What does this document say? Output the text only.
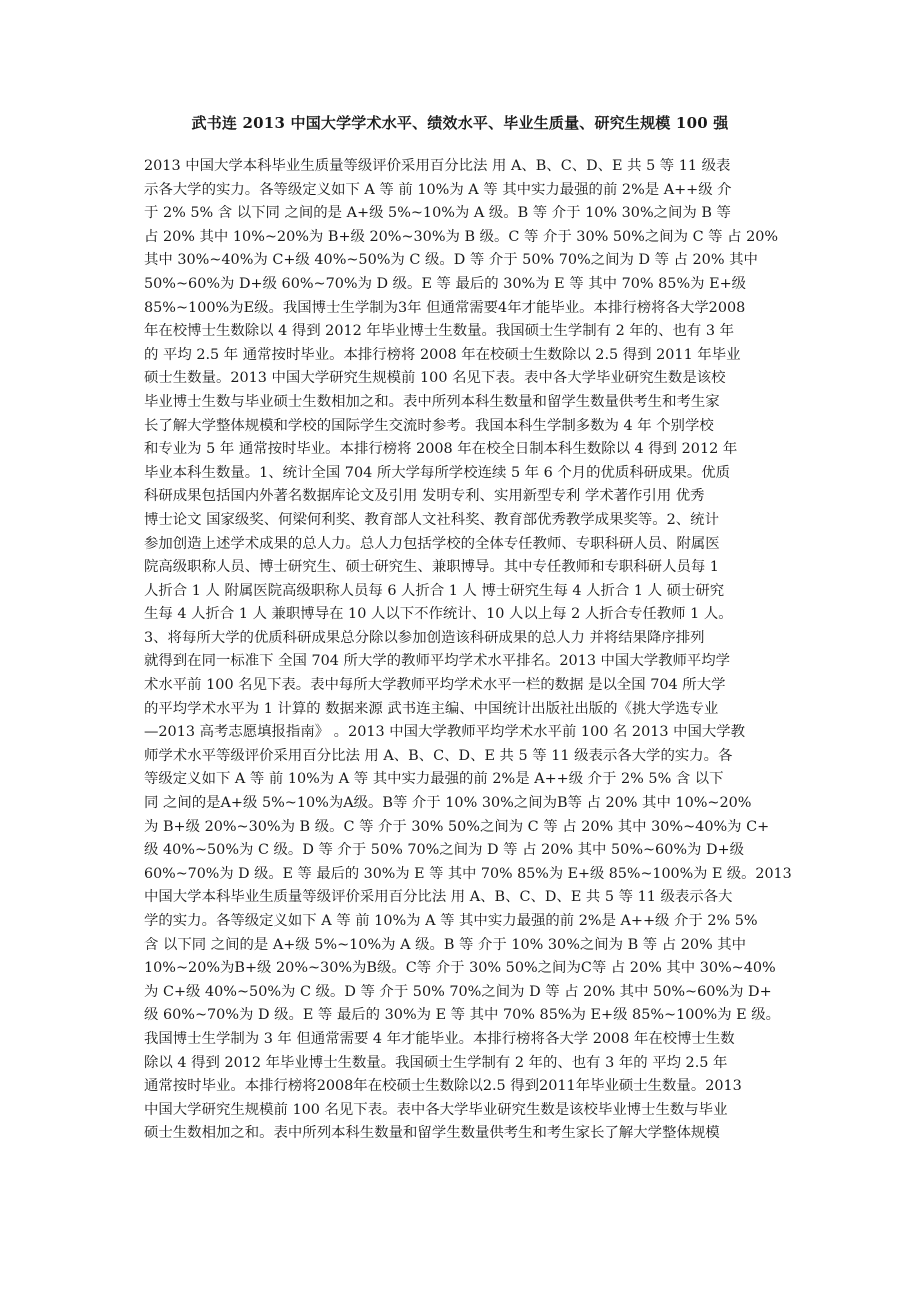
武书连 2013 中国大学学术水平、绩效水平、毕业生质量、研究生规模 100 强
2013 中国大学本科毕业生质量等级评价采用百分比法 用 A、B、C、D、E 共 5 等 11 级表
示各大学的实力。各等级定义如下 A 等 前 10%为 A 等 其中实力最强的前 2%是 A++级 介
于 2% 5% 含 以下同 之间的是 A+级 5%~10%为 A 级。B 等 介于 10% 30%之间为 B 等
占 20% 其中 10%~20%为 B+级 20%~30%为 B 级。C 等 介于 30% 50%之间为 C 等 占 20%
其中 30%~40%为 C+级 40%~50%为 C 级。D 等 介于 50% 70%之间为 D 等 占 20% 其中
50%~60%为 D+级 60%~70%为 D 级。E 等 最后的 30%为 E 等 其中 70% 85%为 E+级
85%~100%为E级。我国博士生学制为3年 但通常需要4年才能毕业。本排行榜将各大学2008
年在校博士生数除以 4 得到 2012 年毕业博士生数量。我国硕士生学制有 2 年的、也有 3 年
的 平均 2.5 年 通常按时毕业。本排行榜将 2008 年在校硕士生数除以 2.5 得到 2011 年毕业
硕士生数量。2013 中国大学研究生规模前 100 名见下表。表中各大学毕业研究生数是该校
毕业博士生数与毕业硕士生数相加之和。表中所列本科生数量和留学生数量供考生和考生家
长了解大学整体规模和学校的国际学生交流时参考。我国本科生学制多数为 4 年 个别学校
和专业为 5 年 通常按时毕业。本排行榜将 2008 年在校全日制本科生数除以 4 得到 2012 年
毕业本科生数量。1、统计全国 704 所大学每所学校连续 5 年 6 个月的优质科研成果。优质
科研成果包括国内外著名数据库论文及引用 发明专利、实用新型专利 学术著作引用 优秀
博士论文 国家级奖、何梁何利奖、教育部人文社科奖、教育部优秀教学成果奖等。2、统计
参加创造上述学术成果的总人力。总人力包括学校的全体专任教师、专职科研人员、附属医
院高级职称人员、博士研究生、硕士研究生、兼职博导。其中专任教师和专职科研人员每 1
人折合 1 人 附属医院高级职称人员每 6 人折合 1 人 博士研究生每 4 人折合 1 人 硕士研究
生每 4 人折合 1 人 兼职博导在 10 人以下不作统计、10 人以上每 2 人折合专任教师 1 人。
3、将每所大学的优质科研成果总分除以参加创造该科研成果的总人力 并将结果降序排列
就得到在同一标准下 全国 704 所大学的教师平均学术水平排名。2013 中国大学教师平均学
术水平前 100 名见下表。表中每所大学教师平均学术水平一栏的数据 是以全国 704 所大学
的平均学术水平为 1 计算的 数据来源 武书连主编、中国统计出版社出版的《挑大学选专业
—2013 高考志愿填报指南》 。2013 中国大学教师平均学术水平前 100 名 2013 中国大学教
师学术水平等级评价采用百分比法 用 A、B、C、D、E 共 5 等 11 级表示各大学的实力。各
等级定义如下 A 等 前 10%为 A 等 其中实力最强的前 2%是 A++级 介于 2% 5% 含 以下
同 之间的是A+级 5%~10%为A级。B等 介于 10% 30%之间为B等 占 20% 其中 10%~20%
为 B+级 20%~30%为 B 级。C 等 介于 30% 50%之间为 C 等 占 20% 其中 30%~40%为 C+
级 40%~50%为 C 级。D 等 介于 50% 70%之间为 D 等 占 20% 其中 50%~60%为 D+级
60%~70%为 D 级。E 等 最后的 30%为 E 等 其中 70% 85%为 E+级 85%~100%为 E 级。2013
中国大学本科毕业生质量等级评价采用百分比法 用 A、B、C、D、E 共 5 等 11 级表示各大
学的实力。各等级定义如下 A 等 前 10%为 A 等 其中实力最强的前 2%是 A++级 介于 2% 5%
含 以下同 之间的是 A+级 5%~10%为 A 级。B 等 介于 10% 30%之间为 B 等 占 20% 其中
10%~20%为B+级 20%~30%为B级。C等 介于 30% 50%之间为C等 占 20% 其中 30%~40%
为 C+级 40%~50%为 C 级。D 等 介于 50% 70%之间为 D 等 占 20% 其中 50%~60%为 D+
级 60%~70%为 D 级。E 等 最后的 30%为 E 等 其中 70% 85%为 E+级 85%~100%为 E 级。
我国博士生学制为 3 年 但通常需要 4 年才能毕业。本排行榜将各大学 2008 年在校博士生数
除以 4 得到 2012 年毕业博士生数量。我国硕士生学制有 2 年的、也有 3 年的 平均 2.5 年
通常按时毕业。本排行榜将2008年在校硕士生数除以2.5 得到2011年毕业硕士生数量。2013
中国大学研究生规模前 100 名见下表。表中各大学毕业研究生数是该校毕业博士生数与毕业
硕士生数相加之和。表中所列本科生数量和留学生数量供考生和考生家长了解大学整体规模
